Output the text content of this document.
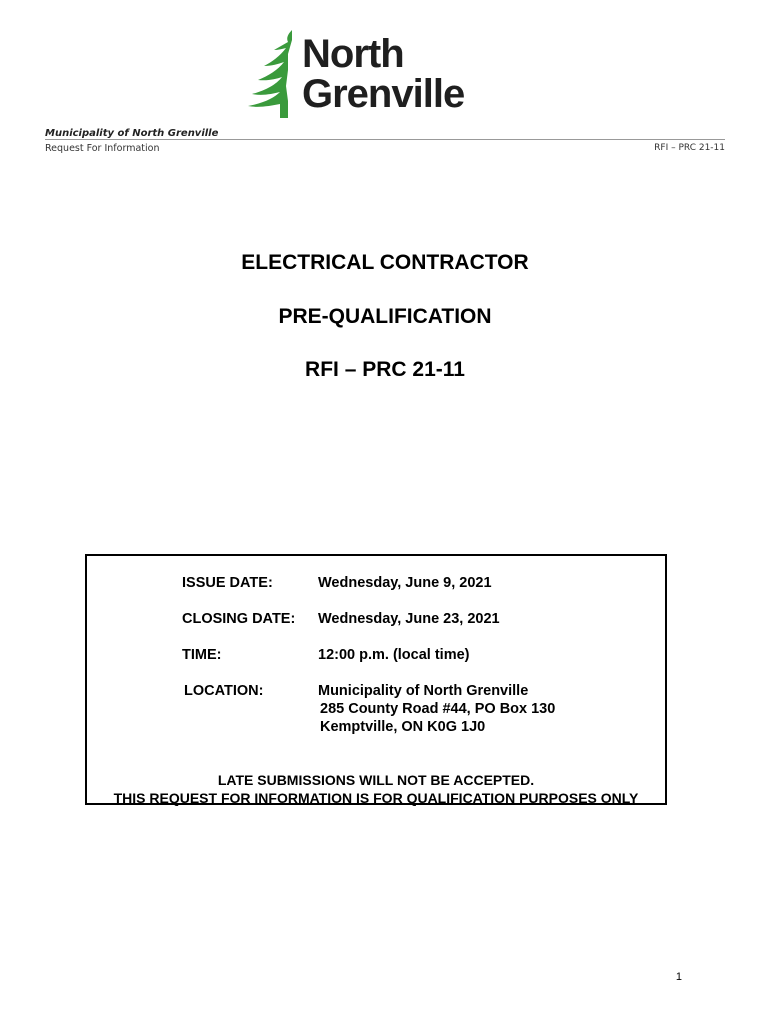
North
Grenville
Municipality of North Grenville
Request For Information	RFI – PRC 21-11
ELECTRICAL CONTRACTOR
PRE-QUALIFICATION
RFI – PRC 21-11
ISSUE DATE:	Wednesday, June 9, 2021
CLOSING DATE: Wednesday, June 23, 2021
TIME:	12:00 p.m. (local time)
LOCATION:	Municipality of North Grenville
285 County Road #44, PO Box 130
Kemptville, ON K0G 1J0
LATE SUBMISSIONS WILL NOT BE ACCEPTED.
THIS REQUEST FOR INFORMATION IS FOR QUALIFICATION PURPOSES ONLY
1
